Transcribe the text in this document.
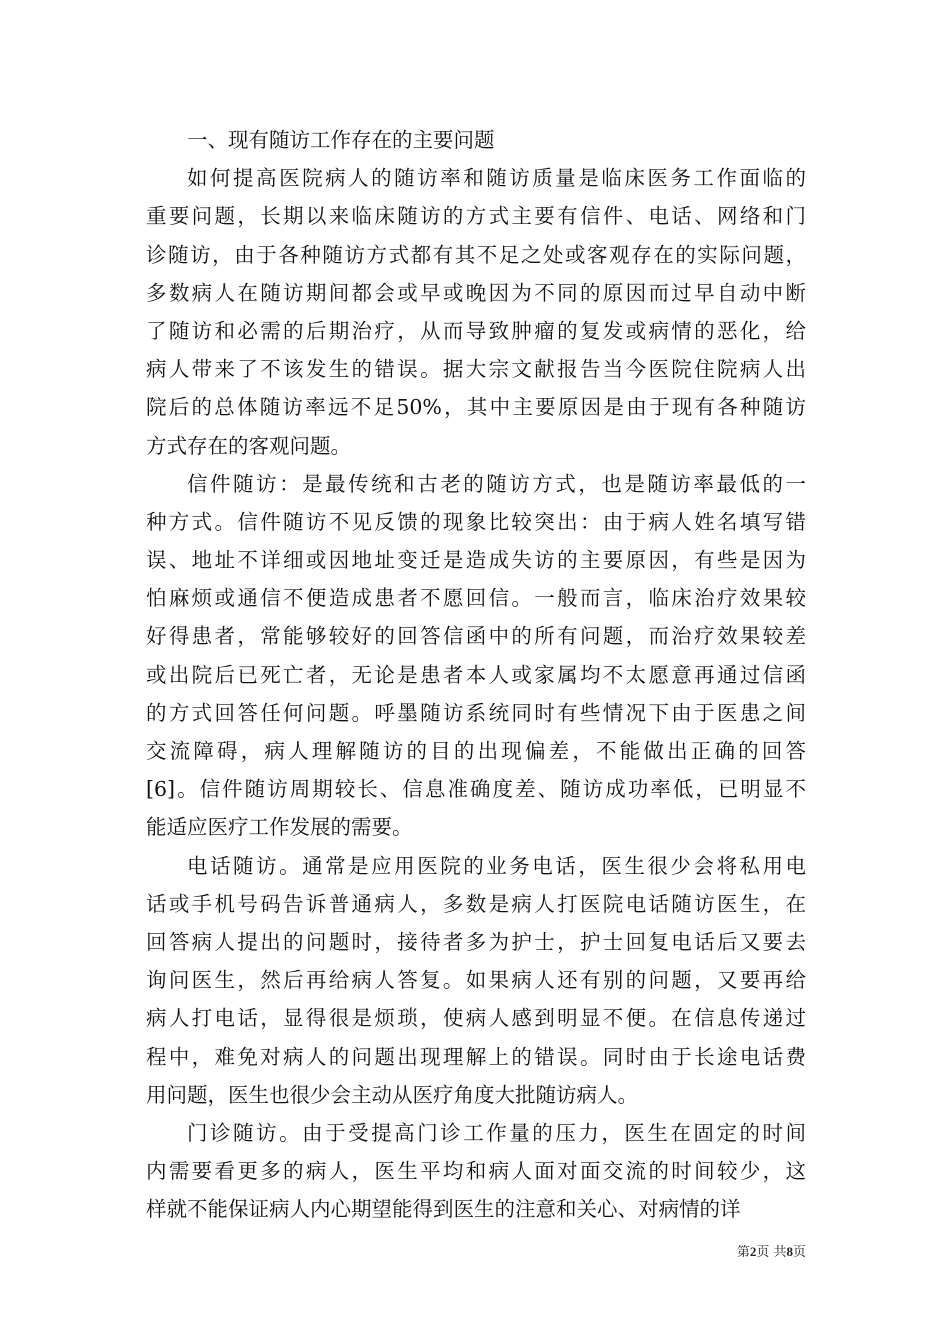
一、现有随访工作存在的主要问题
如何提高医院病人的随访率和随访质量是临床医务工作面临的
重要问题，长期以来临床随访的方式主要有信件、电话、网络和门
诊随访，由于各种随访方式都有其不足之处或客观存在的实际问题，
多数病人在随访期间都会或早或晚因为不同的原因而过早自动中断
了随访和必需的后期治疗，从而导致肿瘤的复发或病情的恶化，给
病人带来了不该发生的错误。据大宗文献报告当今医院住院病人出
院后的总体随访率远不足50%，其中主要原因是由于现有各种随访
方式存在的客观问题。
信件随访：是最传统和古老的随访方式，也是随访率最低的一
种方式。信件随访不见反馈的现象比较突出：由于病人姓名填写错
误、地址不详细或因地址变迁是造成失访的主要原因，有些是因为
怕麻烦或通信不便造成患者不愿回信。一般而言，临床治疗效果较
好得患者，常能够较好的回答信函中的所有问题，而治疗效果较差
或出院后已死亡者，无论是患者本人或家属均不太愿意再通过信函
的方式回答任何问题。呼墨随访系统同时有些情况下由于医患之间
交流障碍，病人理解随访的目的出现偏差，不能做出正确的回答
[6]。信件随访周期较长、信息准确度差、随访成功率低，已明显不
能适应医疗工作发展的需要。
电话随访。通常是应用医院的业务电话，医生很少会将私用电
话或手机号码告诉普通病人，多数是病人打医院电话随访医生，在
回答病人提出的问题时，接待者多为护士，护士回复电话后又要去
询问医生，然后再给病人答复。如果病人还有别的问题，又要再给
病人打电话，显得很是烦琐，使病人感到明显不便。在信息传递过
程中，难免对病人的问题出现理解上的错误。同时由于长途电话费
用问题，医生也很少会主动从医疗角度大批随访病人。
门诊随访。由于受提高门诊工作量的压力，医生在固定的时间
内需要看更多的病人，医生平均和病人面对面交流的时间较少，这
样就不能保证病人内心期望能得到医生的注意和关心、对病情的详
第2页 共8页
